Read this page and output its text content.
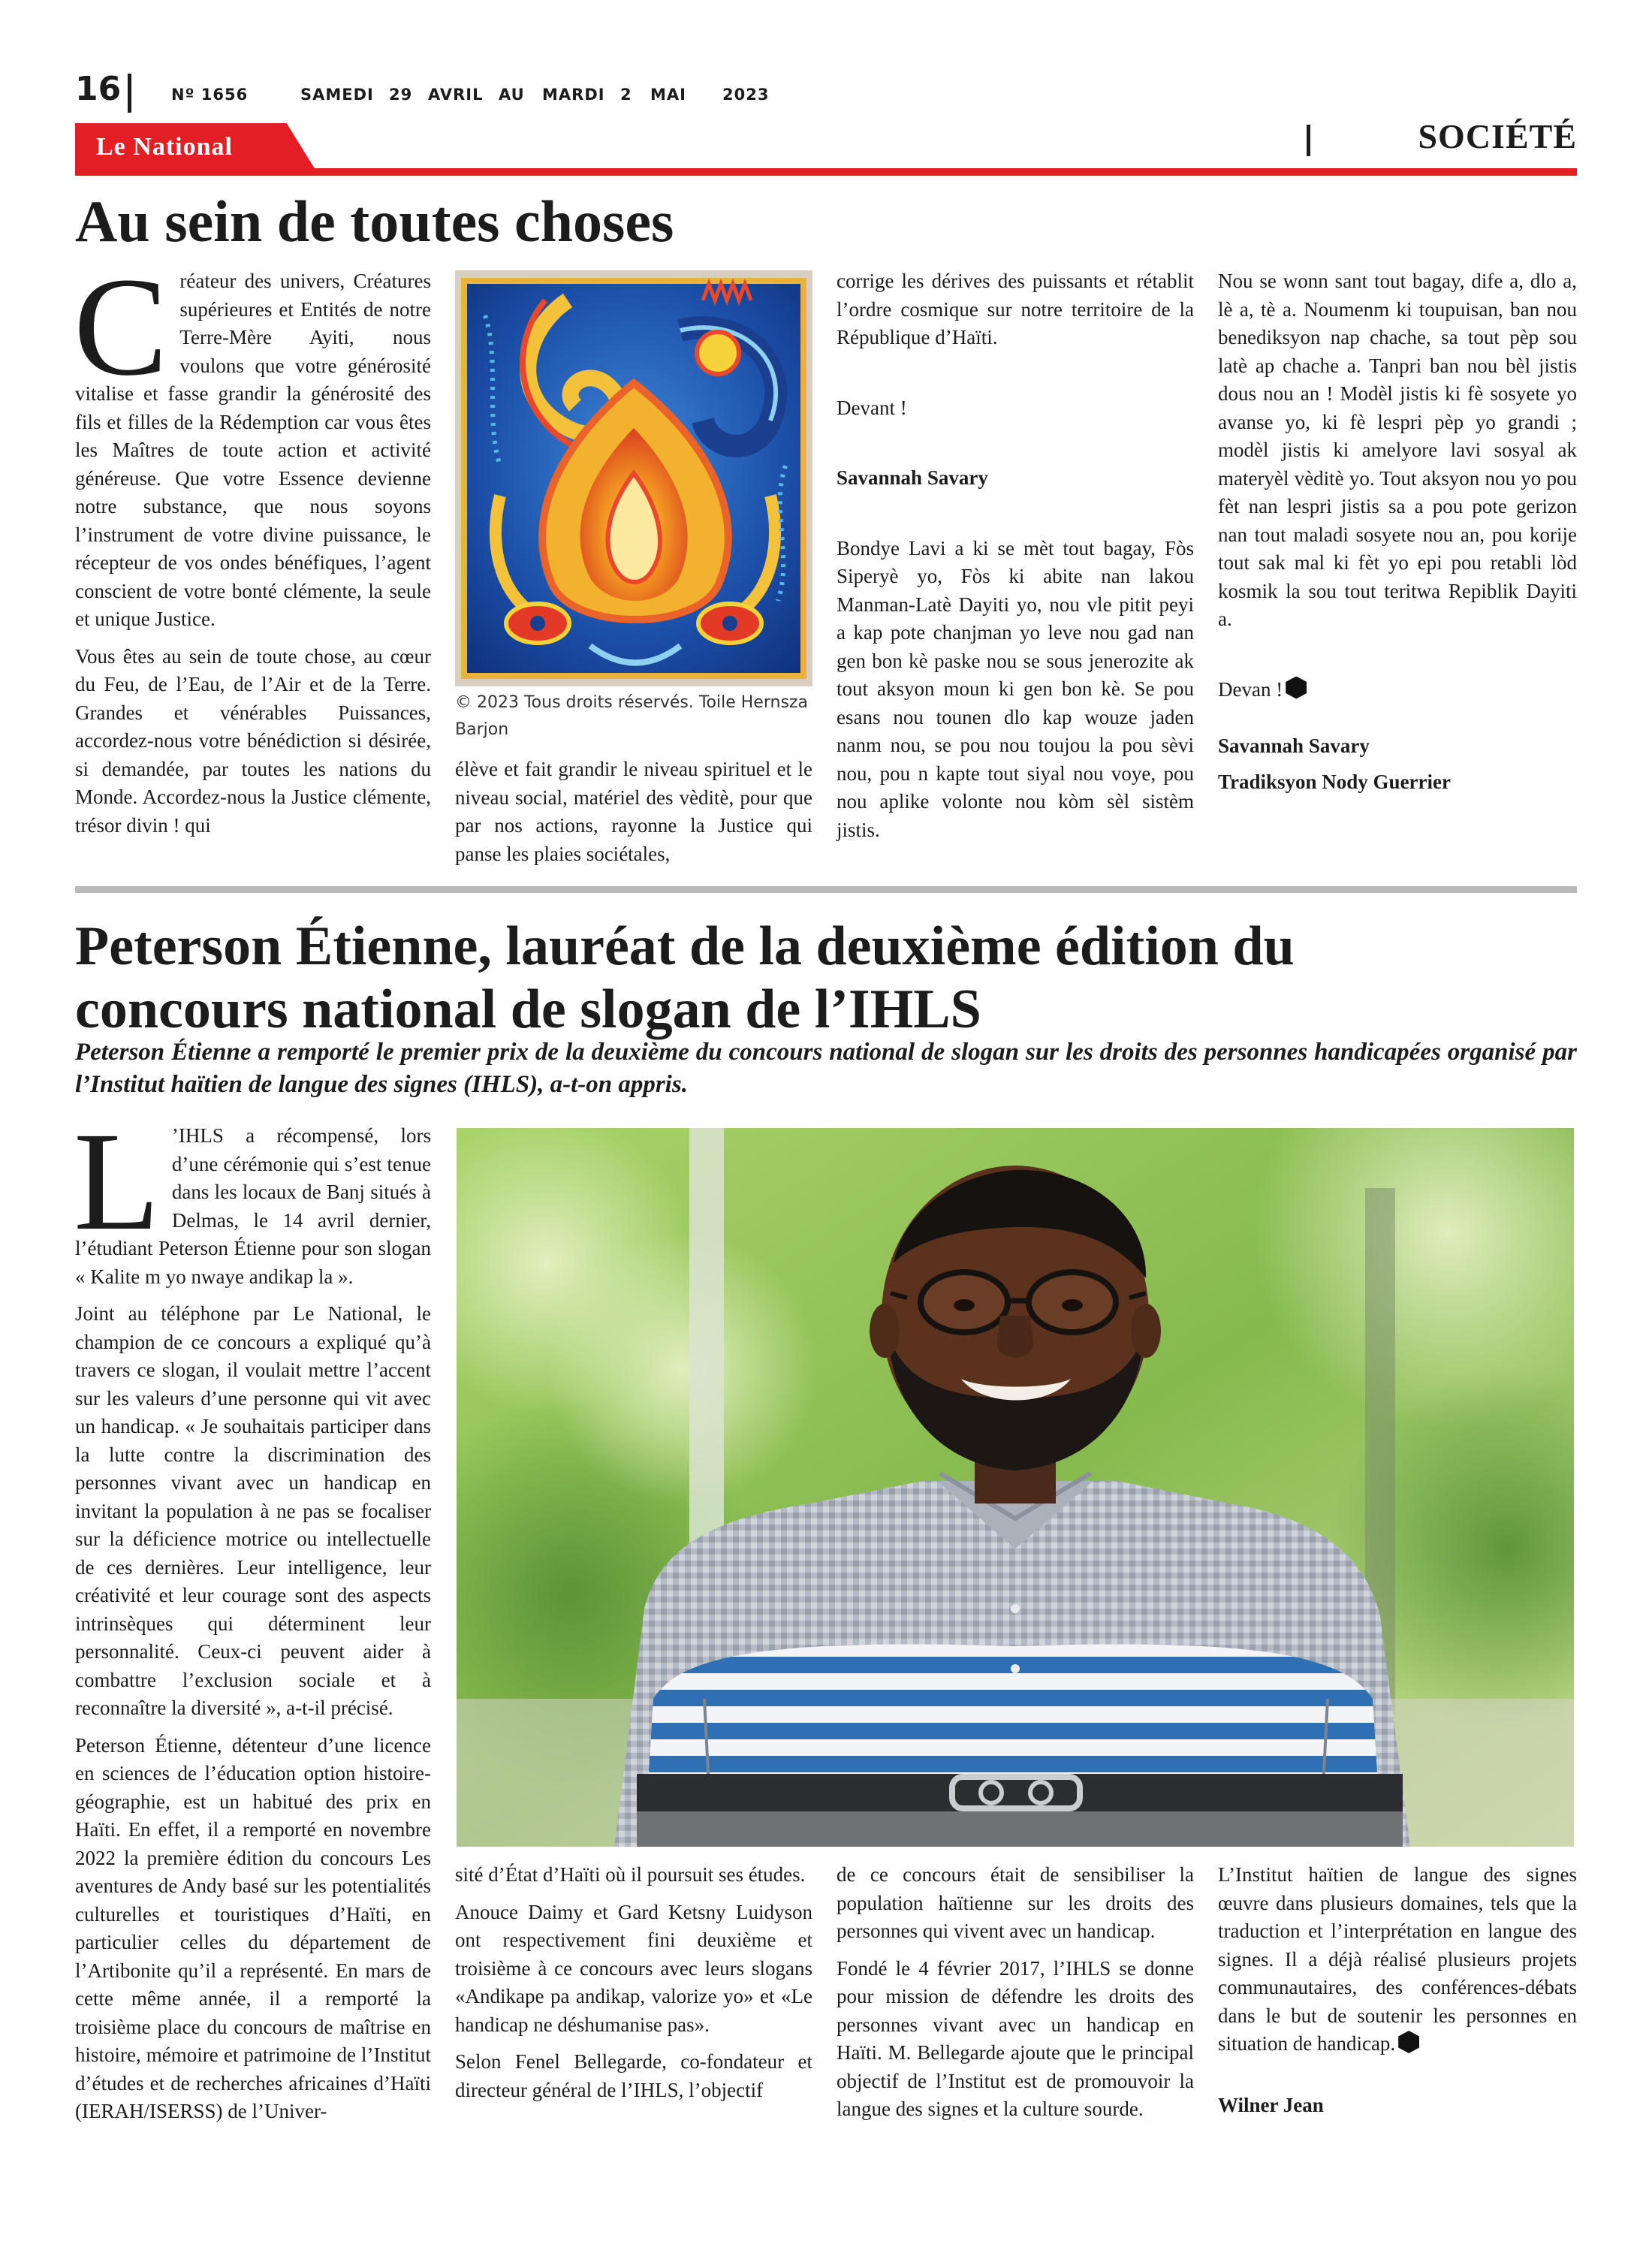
16	Nº 1656	SAMEDI 29 AVRIL AU MARDI 2 MAI 2023
Le National	SOCIÉTÉ
Au sein de toutes choses

Créateur des univers, Créatures supérieures et Entités de notre Terre-Mère Ayiti, nous voulons que votre générosité vitalise et fasse grandir la générosité des fils et filles de la Rédemption car vous êtes les Maîtres de toute action et activité généreuse. Que votre Essence devienne notre substance, que nous soyons l’instrument de votre divine puissance, le récepteur de vos ondes bénéfiques, l’agent conscient de votre bonté clémente, la seule et unique Justice.

Vous êtes au sein de toute chose, au cœur du Feu, de l’Eau, de l’Air et de la Terre. Grandes et vénérables Puissances, accordez-nous votre bénédiction si désirée, si demandée, par toutes les nations du Monde. Accordez-nous la Justice clémente, trésor divin ! qui

© 2023 Tous droits réservés. Toile Hernsza Barjon

élève et fait grandir le niveau spirituel et le niveau social, matériel des vèditè, pour que par nos actions, rayonne la Justice qui panse les plaies sociétales,

corrige les dérives des puissants et rétablit l’ordre cosmique sur notre territoire de la République d’Haïti.

Devant !

Savannah Savary

Bondye Lavi a ki se mèt tout bagay, Fòs Siperyè yo, Fòs ki abite nan lakou Manman-Latè Dayiti yo, nou vle pitit peyi a kap pote chanjman yo leve nou gad nan gen bon kè paske nou se sous jenerozite ak tout aksyon moun ki gen bon kè. Se pou esans nou tounen dlo kap wouze jaden nanm nou, se pou nou toujou la pou sèvi nou, pou n kapte tout siyal nou voye, pou nou aplike volonte nou kòm sèl sistèm jistis.

Nou se wonn sant tout bagay, dife a, dlo a, lè a, tè a. Noumenm ki toupuisan, ban nou benediksyon nap chache, sa tout pèp sou latè ap chache a. Tanpri ban nou bèl jistis dous nou an ! Modèl jistis ki fè sosyete yo avanse yo, ki fè lespri pèp yo grandi ; modèl jistis ki amelyore lavi sosyal ak materyèl vèditè yo. Tout aksyon nou yo pou fèt nan lespri jistis sa a pou pote gerizon nan tout maladi sosyete nou an, pou korije tout sak mal ki fèt yo epi pou retabli lòd kosmik la sou tout teritwa Repiblik Dayiti a.

Devan !

Savannah Savary

Tradiksyon Nody Guerrier

Peterson Étienne, lauréat de la deuxième édition du
concours national de slogan de l’IHLS
Peterson Étienne a remporté le premier prix de la deuxième du concours national de slogan sur les droits des personnes handicapées organisé par l’Institut haïtien de langue des signes (IHLS), a-t-on appris.

L ’IHLS a récompensé, lors d’une cérémonie qui s’est tenue dans les locaux de Banj situés à Delmas, le 14 avril dernier, l’étudiant Peterson Étienne pour son slogan « Kalite m yo nwaye andikap la ».

Joint au téléphone par Le National, le champion de ce concours a expliqué qu’à travers ce slogan, il voulait mettre l’accent sur les valeurs d’une personne qui vit avec un handicap. « Je souhaitais participer dans la lutte contre la discrimination des personnes vivant avec un handicap en invitant la population à ne pas se focaliser sur la déficience motrice ou intellectuelle de ces dernières. Leur intelligence, leur créativité et leur courage sont des aspects intrinsèques qui déterminent leur personnalité. Ceux-ci peuvent aider à combattre l’exclusion sociale et à reconnaître la diversité », a-t-il précisé.

Peterson Étienne, détenteur d’une licence en sciences de l’éducation option histoire-géographie, est un habitué des prix en Haïti. En effet, il a remporté en novembre 2022 la première édition du concours Les aventures de Andy basé sur les potentialités culturelles et touristiques d’Haïti, en particulier celles du département de l’Artibonite qu’il a représenté. En mars de cette même année, il a remporté la troisième place du concours de maîtrise en histoire, mémoire et patrimoine de l’Institut d’études et de recherches africaines d’Haïti (IERAH/ISERSS) de l’Univer-

sité d’État d’Haïti où il poursuit ses études.

Anouce Daimy et Gard Ketsny Luidyson ont respectivement fini deuxième et troisième à ce concours avec leurs slogans «Andikape pa andikap, valorize yo» et «Le handicap ne déshumanise pas».

Selon Fenel Bellegarde, co-fondateur et directeur général de l’IHLS, l’objectif

de ce concours était de sensibiliser la population haïtienne sur les droits des personnes qui vivent avec un handicap.

Fondé le 4 février 2017, l’IHLS se donne pour mission de défendre les droits des personnes vivant avec un handicap en Haïti. M. Bellegarde ajoute que le principal objectif de l’Institut est de promouvoir la langue des signes et la culture sourde.

L’Institut haïtien de langue des signes œuvre dans plusieurs domaines, tels que la traduction et l’interprétation en langue des signes. Il a déjà réalisé plusieurs projets communautaires, des conférences-débats dans le but de soutenir les personnes en situation de handicap.

Wilner Jean
